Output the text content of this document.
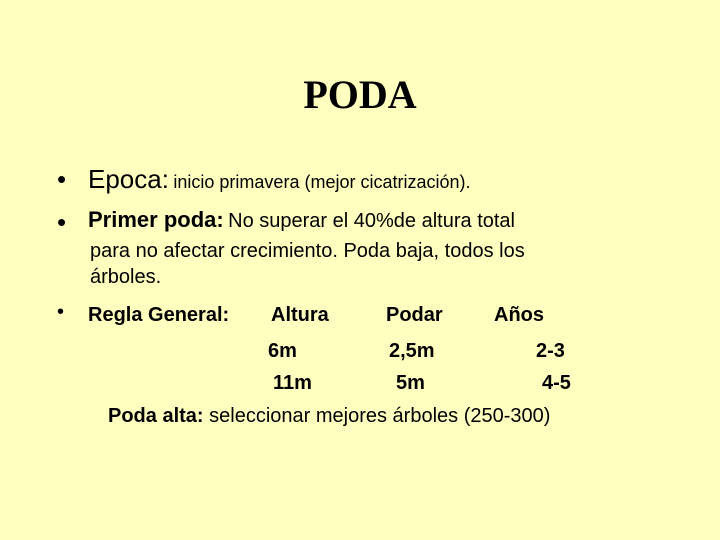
PODA
• Epoca: inicio primavera (mejor cicatrización).
• Primer poda: No superar el 40%de altura total
para no afectar crecimiento. Poda baja, todos los
árboles.
• Regla General: Altura	Podar	Años
6m	2,5m	2-3
11m	5m	4-5
Poda alta: seleccionar mejores árboles (250-300)
